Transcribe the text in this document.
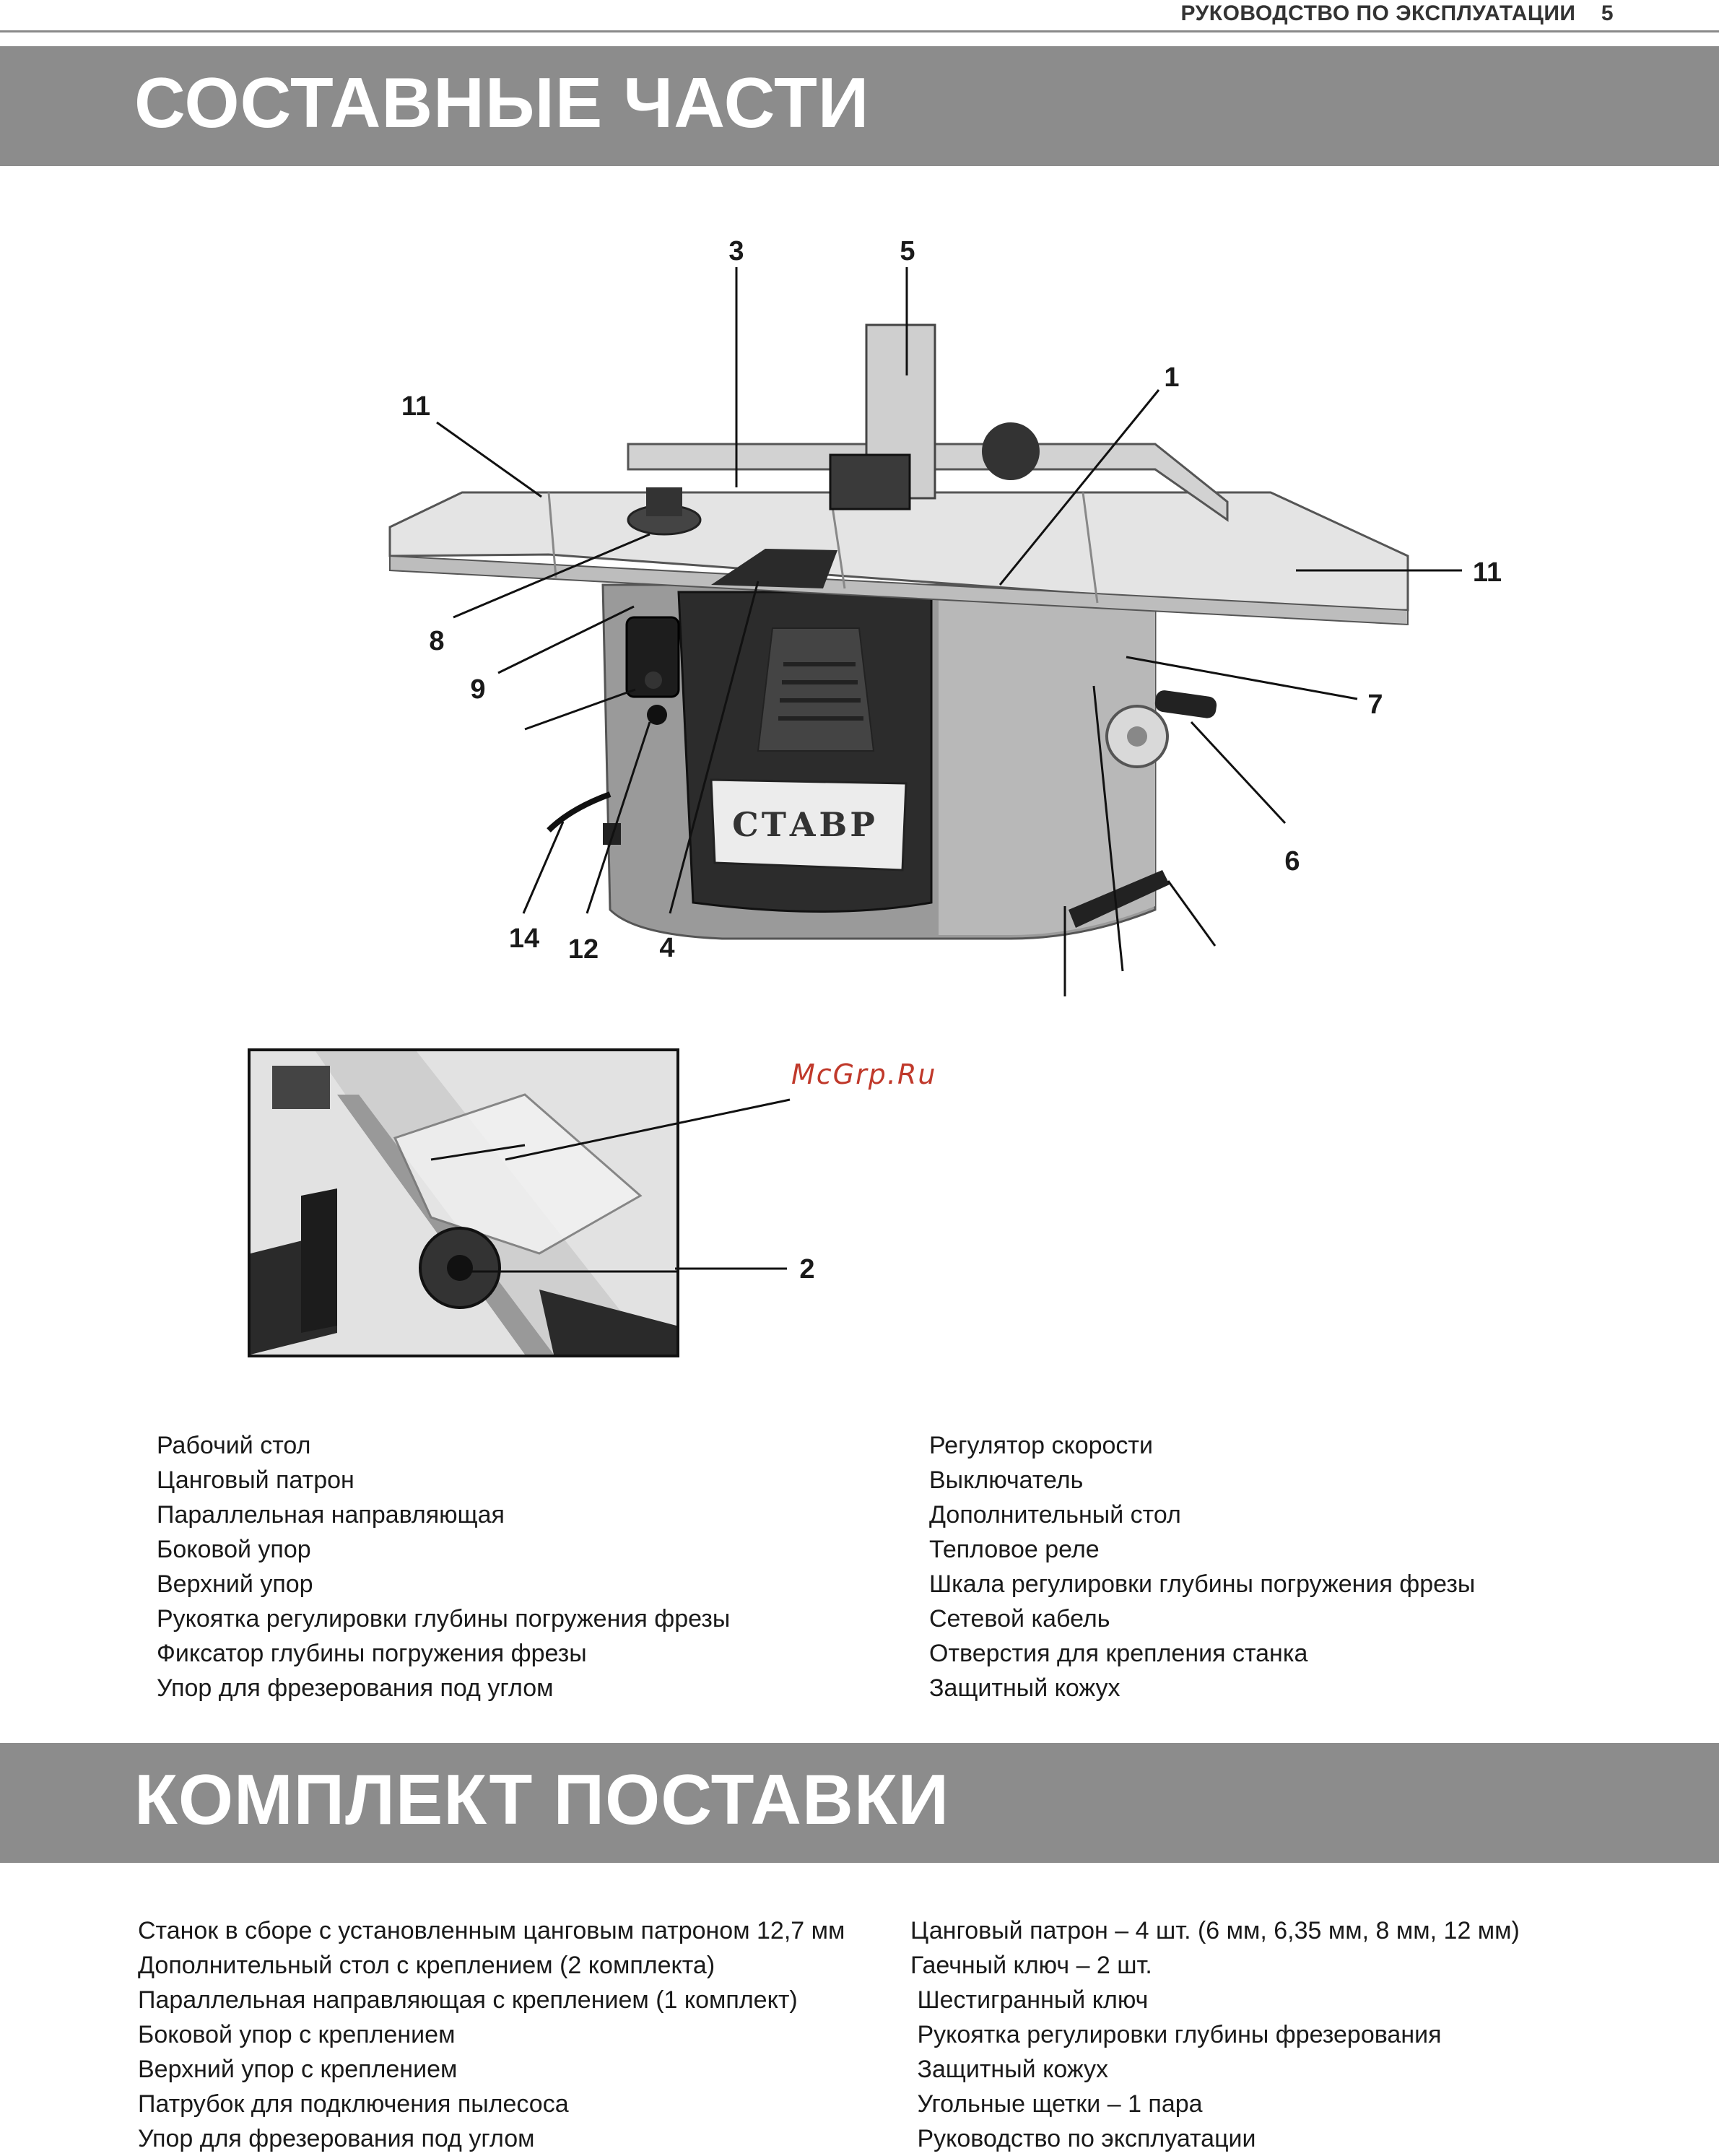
РУКОВОДСТВО ПО ЭКСПЛУАТАЦИИ 5
СОСТАВНЫЕ ЧАСТИ
СТАВР
3	5
1
11
11
8
9	7
6
14 12 4
2
McGrp.Ru
Рабочий стол
Цанговый патрон
Параллельная направляющая
Боковой упор
Верхний упор
Рукоятка регулировки глубины погружения фрезы
Фиксатор глубины погружения фрезы
Упор для фрезерования под углом
Регулятор скорости
Выключатель
Дополнительный стол
Тепловое реле
Шкала регулировки глубины погружения фрезы
Сетевой кабель
Отверстия для крепления станка
Защитный кожух
КОМПЛЕКТ ПОСТАВКИ
Станок в сборе с установленным цанговым патроном 12,7 мм
Дополнительный стол с креплением (2 комплекта)
Параллельная направляющая с креплением (1 комплект)
Боковой упор с креплением
Верхний упор с креплением
Патрубок для подключения пылесоса
Упор для фрезерования под углом
Цанговый патрон – 4 шт. (6 мм, 6,35 мм, 8 мм, 12 мм)
Гаечный ключ – 2 шт.
Шестигранный ключ
Рукоятка регулировки глубины фрезерования
Защитный кожух
Угольные щетки – 1 пара
Руководство по эксплуатации
